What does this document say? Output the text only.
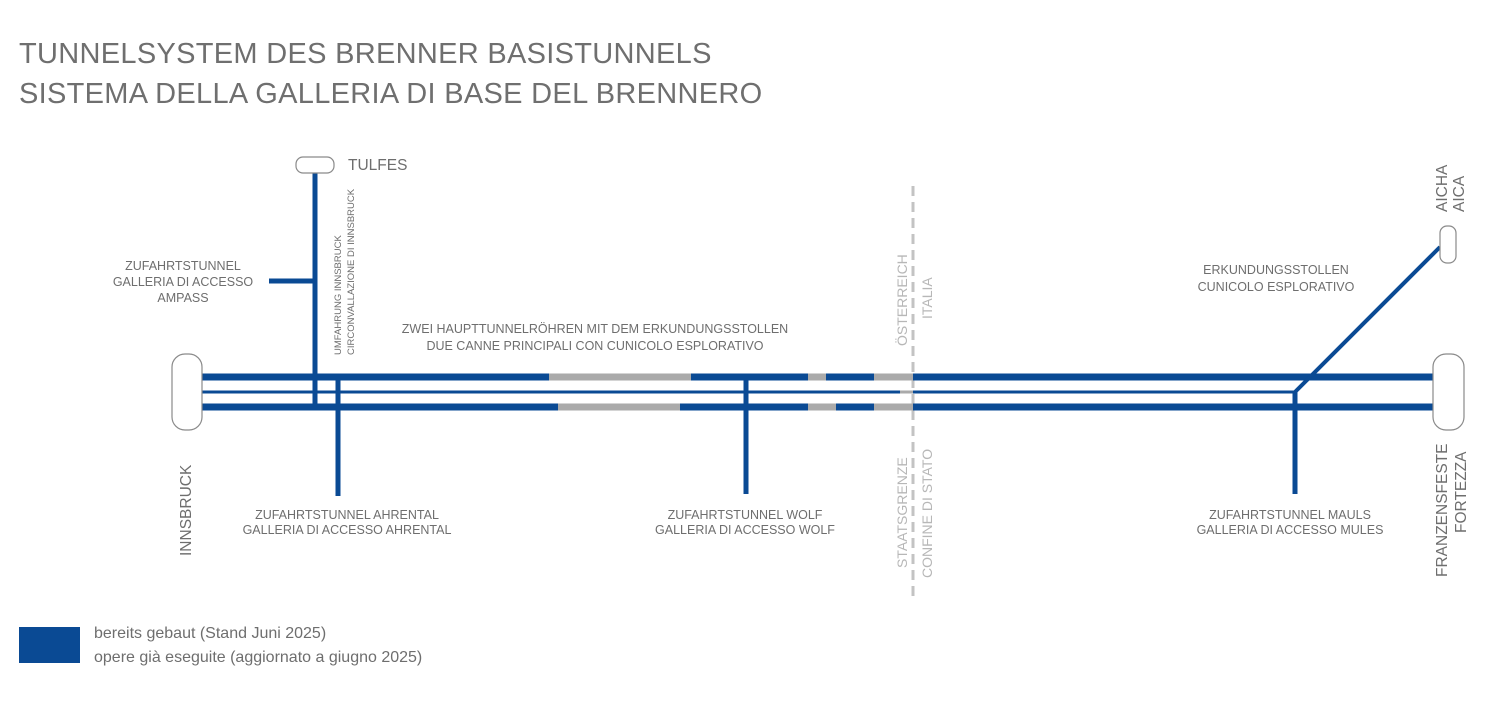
TUNNELSYSTEM DES BRENNER BASISTUNNELS
SISTEMA DELLA GALLERIA DI BASE DEL BRENNERO
TULFES
INNSBRUCK
AICHA AICA
FRANZENSFESTE FORTEZZA
ZUFAHRTSTUNNEL
GALLERIA DI ACCESSO
AMPASS	UMFAHRUNG INNSBRUCK CIRCONVALLAZIONE DI INNSBRUCK	ZWEI HAUPTTUNNELRÖHREN MIT DEM ERKUNDUNGSSTOLLEN
DUE CANNE PRINCIPALI CON CUNICOLO ESPLORATIVO
ERKUNDUNGSSTOLLEN
CUNICOLO ESPLORATIVO
ZUFAHRTSTUNNEL AHRENTAL
GALLERIA DI ACCESSO AHRENTAL
ZUFAHRTSTUNNEL WOLF
GALLERIA DI ACCESSO WOLF
ZUFAHRTSTUNNEL MAULS
GALLERIA DI ACCESSO MULES
ÖSTERREICH ITALIA
STAATSGRENZE CONFINE DI STATO
bereits gebaut (Stand Juni 2025)
opere già eseguite (aggiornato a giugno 2025)
